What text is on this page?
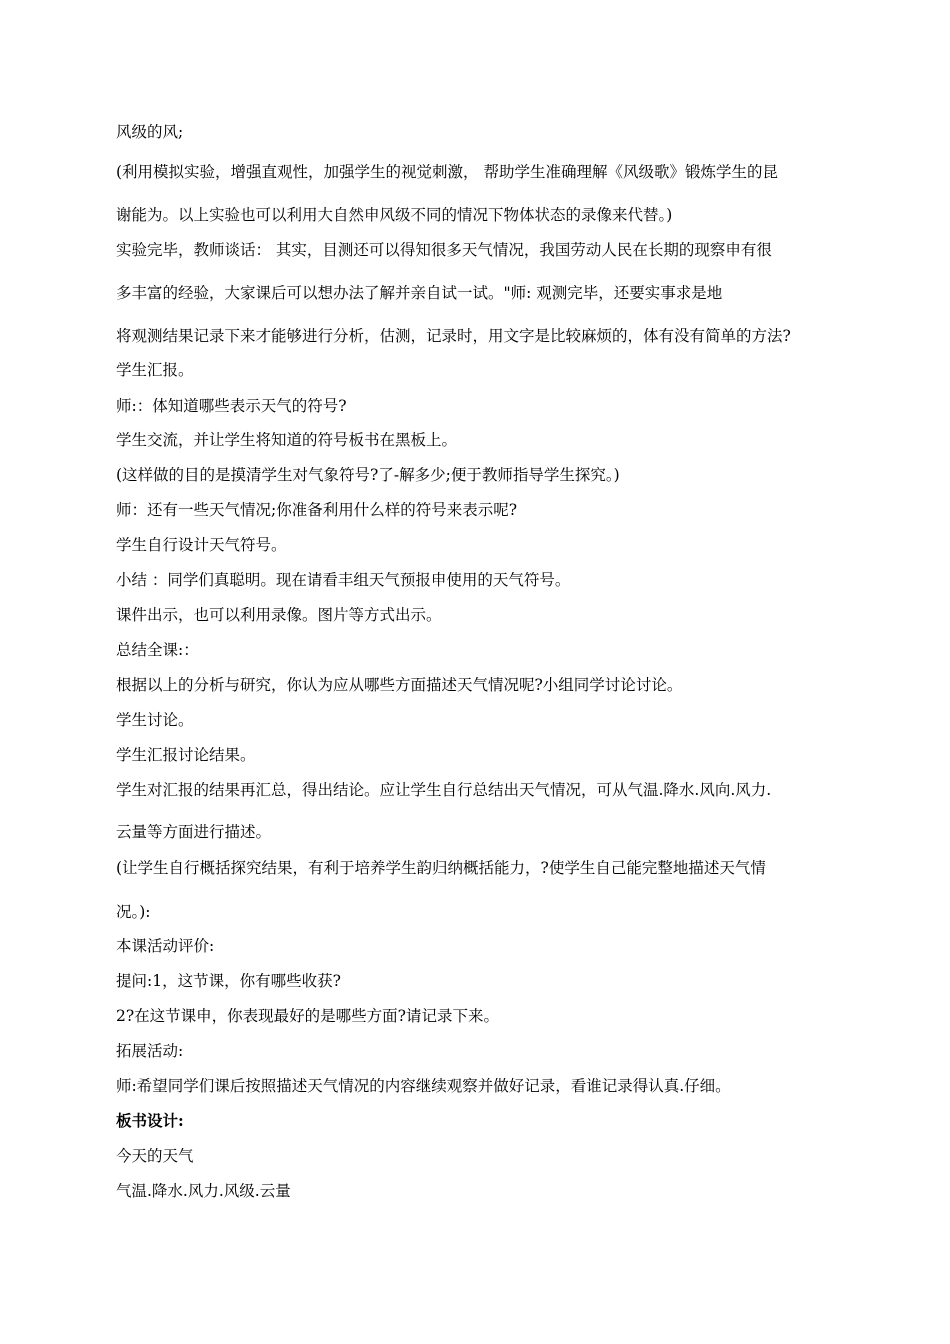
风级的风;

(利用模拟实验，增强直观性，加强学生的视觉刺激， 帮助学生准确理解《风级歌》锻炼学生的昆

谢能为。以上实验也可以利用大自然申风级不同的情况下物体状态的录像来代替。)

实验完毕，教师谈话： 其实，目测还可以得知很多天气情况，我国劳动人民在长期的现察申有很

多丰富的经验，大家课后可以想办法了解并亲自试一试。"师: 观测完毕，还要实事求是地

将观测结果记录下来才能够进行分析，估测，记录时，用文字是比较麻烦的，体有没有简单的方法?

学生汇报。

师:：体知道哪些表示天气的符号?

学生交流，并让学生将知道的符号板书在黑板上。

(这样做的目的是摸清学生对气象符号?了-解多少;便于教师指导学生探究。)

师：还有一些天气情况;你准备利用什么样的符号来表示呢?

学生自行设计天气符号。

小结 ：同学们真聪明。现在请看丰组天气预报申使用的天气符号。

课件出示，也可以利用录像。图片等方式出示。

总结全课:：

根据以上的分析与研究，你认为应从哪些方面描述天气情况呢?小组同学讨论讨论。

学生讨论。

学生汇报讨论结果。

学生对汇报的结果再汇总，得出结论。应让学生自行总结出天气情况，可从气温.降水.风向.风力.

云量等方面进行描述。

(让学生自行概括探究结果，有利于培养学生韵归纳概括能力，?使学生自己能完整地描述天气情

况。):

本课活动评价:

提问:1，这节课，你有哪些收获?

2?在这节课申，你表现最好的是哪些方面?请记录下来。

拓展活动:

师:希望同学们课后按照描述天气情况的内容继续观察并做好记录，看谁记录得认真.仔细。

板书设计:

今天的天气

气温.降水.风力.风级.云量
